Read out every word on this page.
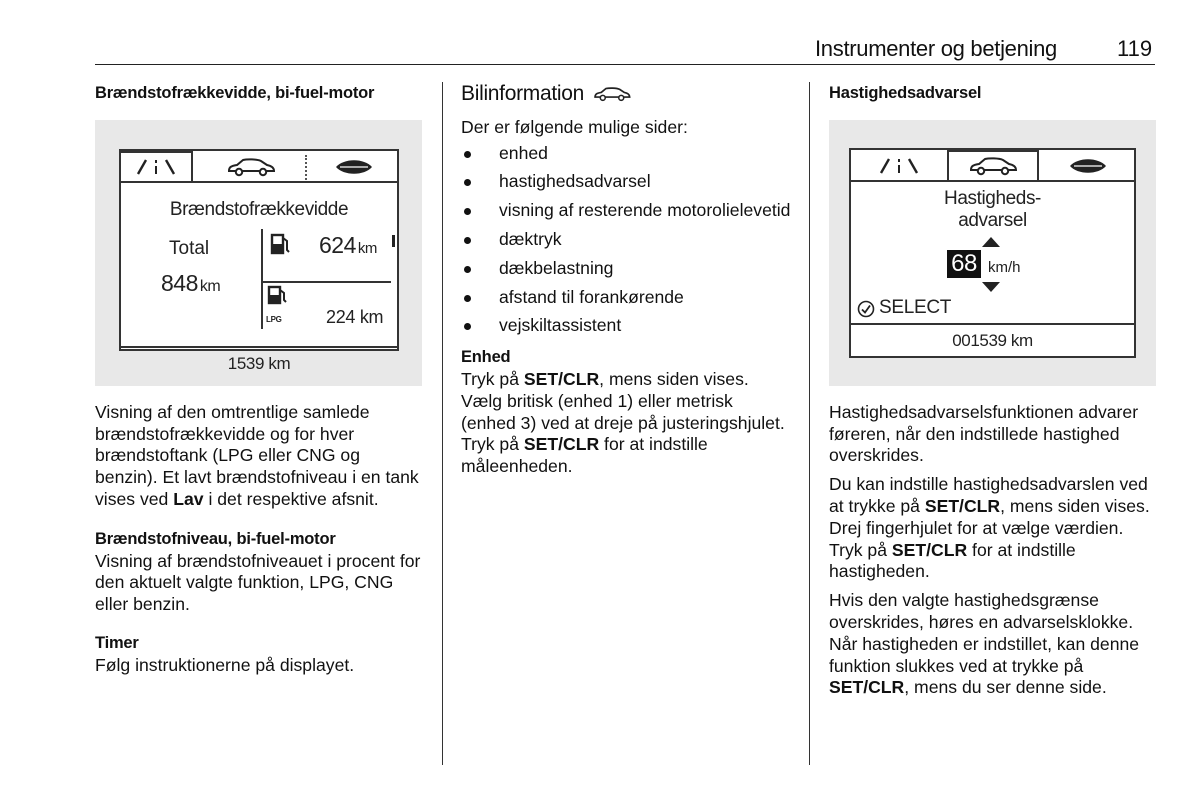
Instrumenter og betjening	119

Brændstofrækkevidde, bi-fuel-motor

Brændstofrækkevidde
Total
848 km
624 km
LPG 224 km
1539 km

Visning af den omtrentlige samlede brændstofrækkevidde og for hver brændstoftank (LPG eller CNG og benzin). Et lavt brændstofniveau i en tank vises ved Lav i det respektive afsnit.

Brændstofniveau, bi-fuel-motor

Visning af brændstofniveauet i procent for den aktuelt valgte funktion, LPG, CNG eller benzin.

Timer

Følg instruktionerne på displayet.

Bilinformation

Der er følgende mulige sider:

enhed
hastighedsadvarsel
visning af resterende motorolielevetid
dæktryk
dækbelastning
afstand til forankørende
vejskiltassistent

Enhed

Tryk på SET/CLR, mens siden vises. Vælg britisk (enhed 1) eller metrisk (enhed 3) ved at dreje på justeringshjulet. Tryk på SET/CLR for at indstille måleenheden.

Hastighedsadvarsel

Hastigheds-
advarsel
68 km/h
SELECT
001539 km

Hastighedsadvarselsfunktionen advarer føreren, når den indstillede hastighed overskrides.

Du kan indstille hastighedsadvarslen ved at trykke på SET/CLR, mens siden vises. Drej fingerhjulet for at vælge værdien. Tryk på SET/CLR for at indstille hastigheden.

Hvis den valgte hastighedsgrænse overskrides, høres en advarselsklokke. Når hastigheden er indstillet, kan denne funktion slukkes ved at trykke på SET/CLR, mens du ser denne side.
